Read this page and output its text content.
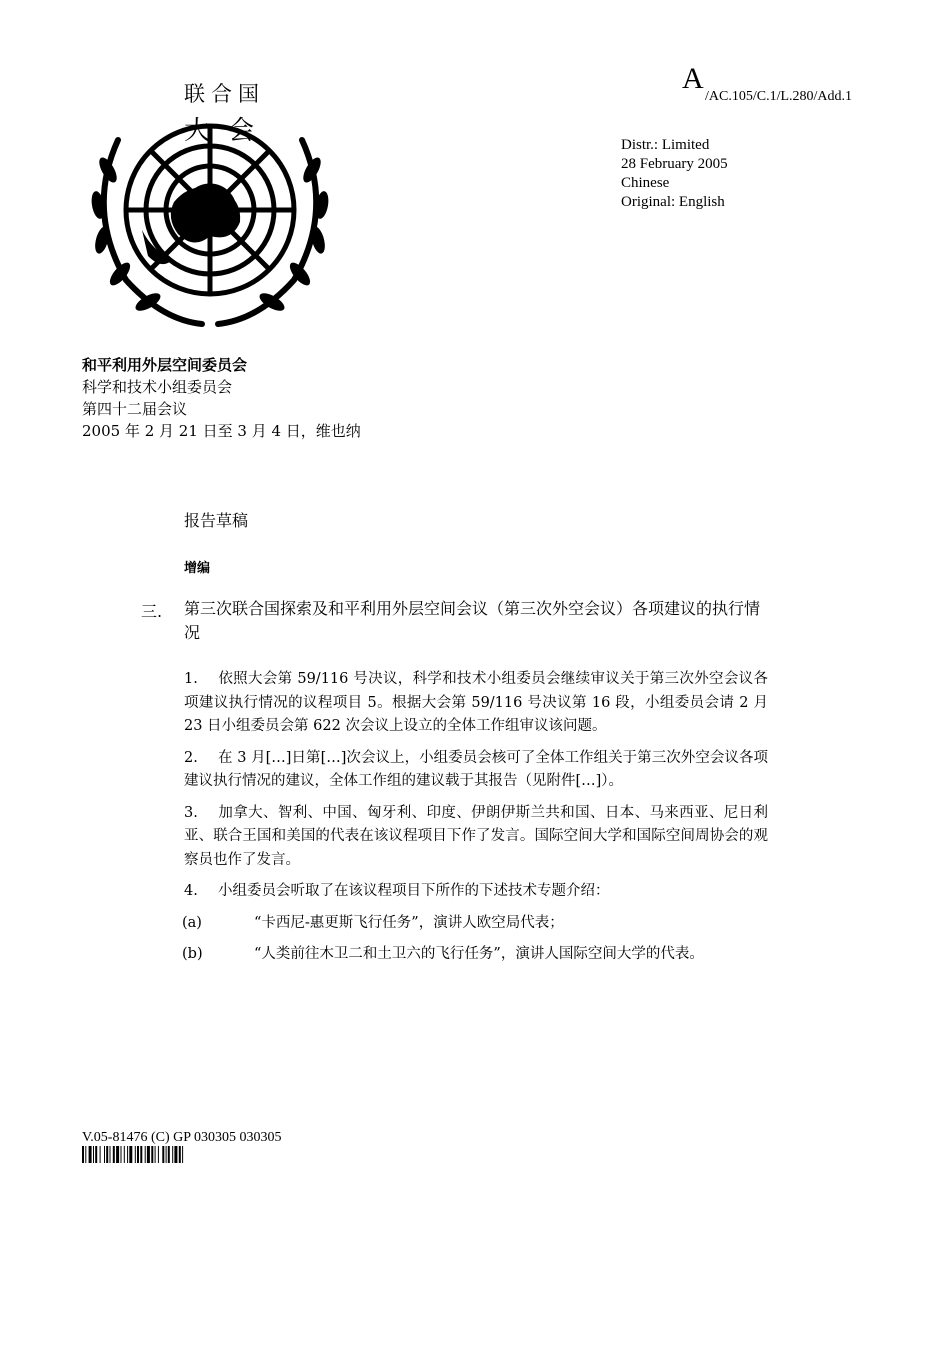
联合国
大会
A
/AC.105/C.1/L.280/Add.1
Distr.: Limited
28 February 2005
Chinese
Original: English
和平利用外层空间委员会
科学和技术小组委员会
第四十二届会议
2005 年 2 月 21 日至 3 月 4 日，维也纳
报告草稿
增编
三. 第三次联合国探索及和平利用外层空间会议（第三次外空会议）各项建议的执行情况

1. 依照大会第 59/116 号决议，科学和技术小组委员会继续审议关于第三次外空会议各项建议执行情况的议程项目 5。根据大会第 59/116 号决议第 16 段，小组委员会请 2 月 23 日小组委员会第 622 次会议上设立的全体工作组审议该问题。

2. 在 3 月[…]日第[…]次会议上，小组委员会核可了全体工作组关于第三次外空会议各项建议执行情况的建议，全体工作组的建议载于其报告（见附件[…]）。

3. 加拿大、智利、中国、匈牙利、印度、伊朗伊斯兰共和国、日本、马来西亚、尼日利亚、联合王国和美国的代表在该议程项目下作了发言。国际空间大学和国际空间周协会的观察员也作了发言。

4. 小组委员会听取了在该议程项目下所作的下述技术专题介绍：

(a)	“卡西尼-惠更斯飞行任务”，演讲人欧空局代表；
(b)	“人类前往木卫二和土卫六的飞行任务”，演讲人国际空间大学的代表。
V.05-81476 (C) GP 030305 030305
